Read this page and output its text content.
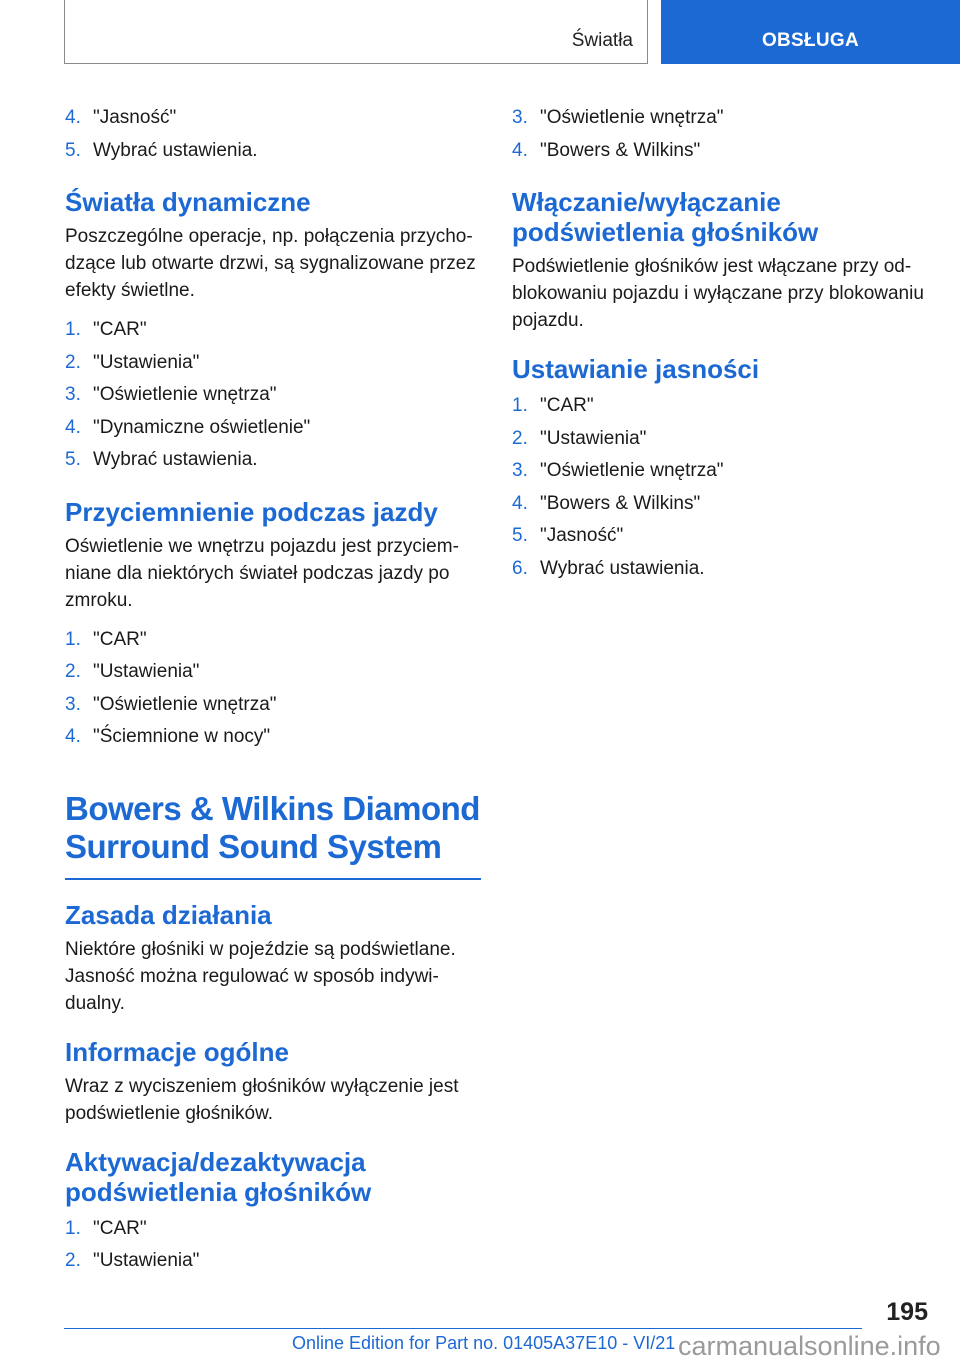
Światła	OBSŁUGA
4. "Jasność"
5. Wybrać ustawienia.
Światła dynamiczne

Poszczególne operacje, np. połączenia przychodzące lub otwarte drzwi, są sygnalizowane przez efekty świetlne.

1. "CAR"
2. "Ustawienia"
3. "Oświetlenie wnętrza"
4. "Dynamiczne oświetlenie"
5. Wybrać ustawienia.
Przyciemnienie podczas jazdy

Oświetlenie we wnętrzu pojazdu jest przyciemniane dla niektórych świateł podczas jazdy po zmroku.

1. "CAR"
2. "Ustawienia"
3. "Oświetlenie wnętrza"
4. "Ściemnione w nocy"
Bowers & Wilkins Diamond
Surround Sound System
Zasada działania

Niektóre głośniki w pojeździe są podświetlane. Jasność można regulować w sposób indywidualny.

Informacje ogólne

Wraz z wyciszeniem głośników wyłączenie jest podświetlenie głośników.

Aktywacja/dezaktywacja
podświetlenia głośników
1. "CAR"
2. "Ustawienia"
3. "Oświetlenie wnętrza"
4. "Bowers & Wilkins"
Włączanie/wyłączanie
podświetlenia głośników

Podświetlenie głośników jest włączane przy odblokowaniu pojazdu i wyłączane przy blokowaniu pojazdu.

Ustawianie jasności
1. "CAR"
2. "Ustawienia"
3. "Oświetlenie wnętrza"
4. "Bowers & Wilkins"
5. "Jasność"
6. Wybrać ustawienia.
195
Online Edition for Part no. 01405A37E10 - VI/21 carmanualsonline.info
